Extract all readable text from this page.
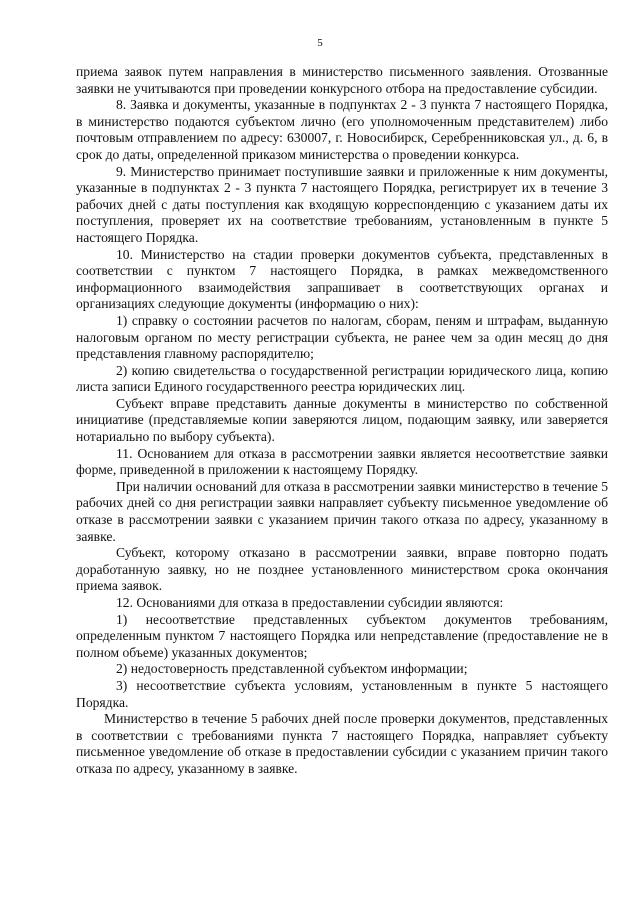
5

приема заявок путем направления в министерство письменного заявления. Отозванные заявки не учитываются при проведении конкурсного отбора на предоставление субсидии.

8. Заявка и документы, указанные в подпунктах 2 - 3 пункта 7 настоящего Порядка, в министерство подаются субъектом лично (его уполномоченным представителем) либо почтовым отправлением по адресу: 630007, г. Новосибирск, Серебренниковская ул., д. 6, в срок до даты, определенной приказом министерства о проведении конкурса.

9. Министерство принимает поступившие заявки и приложенные к ним документы, указанные в подпунктах 2 - 3 пункта 7 настоящего Порядка, регистрирует их в течение 3 рабочих дней с даты поступления как входящую корреспонденцию с указанием даты их поступления, проверяет их на соответствие требованиям, установленным в пункте 5 настоящего Порядка.

10. Министерство на стадии проверки документов субъекта, представленных в соответствии с пунктом 7 настоящего Порядка, в рамках межведомственного информационного взаимодействия запрашивает в соответствующих органах и организациях следующие документы (информацию о них):

1) справку о состоянии расчетов по налогам, сборам, пеням и штрафам, выданную налоговым органом по месту регистрации субъекта, не ранее чем за один месяц до дня представления главному распорядителю;

2) копию свидетельства о государственной регистрации юридического лица, копию листа записи Единого государственного реестра юридических лиц.

Субъект вправе представить данные документы в министерство по собственной инициативе (представляемые копии заверяются лицом, подающим заявку, или заверяется нотариально по выбору субъекта).

11. Основанием для отказа в рассмотрении заявки является несоответствие заявки форме, приведенной в приложении к настоящему Порядку.

При наличии оснований для отказа в рассмотрении заявки министерство в течение 5 рабочих дней со дня регистрации заявки направляет субъекту письменное уведомление об отказе в рассмотрении заявки с указанием причин такого отказа по адресу, указанному в заявке.

Субъект, которому отказано в рассмотрении заявки, вправе повторно подать доработанную заявку, но не позднее установленного министерством срока окончания приема заявок.

12. Основаниями для отказа в предоставлении субсидии являются:

1) несоответствие представленных субъектом документов требованиям, определенным пунктом 7 настоящего Порядка или непредставление (предоставление не в полном объеме) указанных документов;

2) недостоверность представленной субъектом информации;

3) несоответствие субъекта условиям, установленным в пункте 5 настоящего Порядка.

Министерство в течение 5 рабочих дней после проверки документов, представленных в соответствии с требованиями пункта 7 настоящего Порядка, направляет субъекту письменное уведомление об отказе в предоставлении субсидии с указанием причин такого отказа по адресу, указанному в заявке.
